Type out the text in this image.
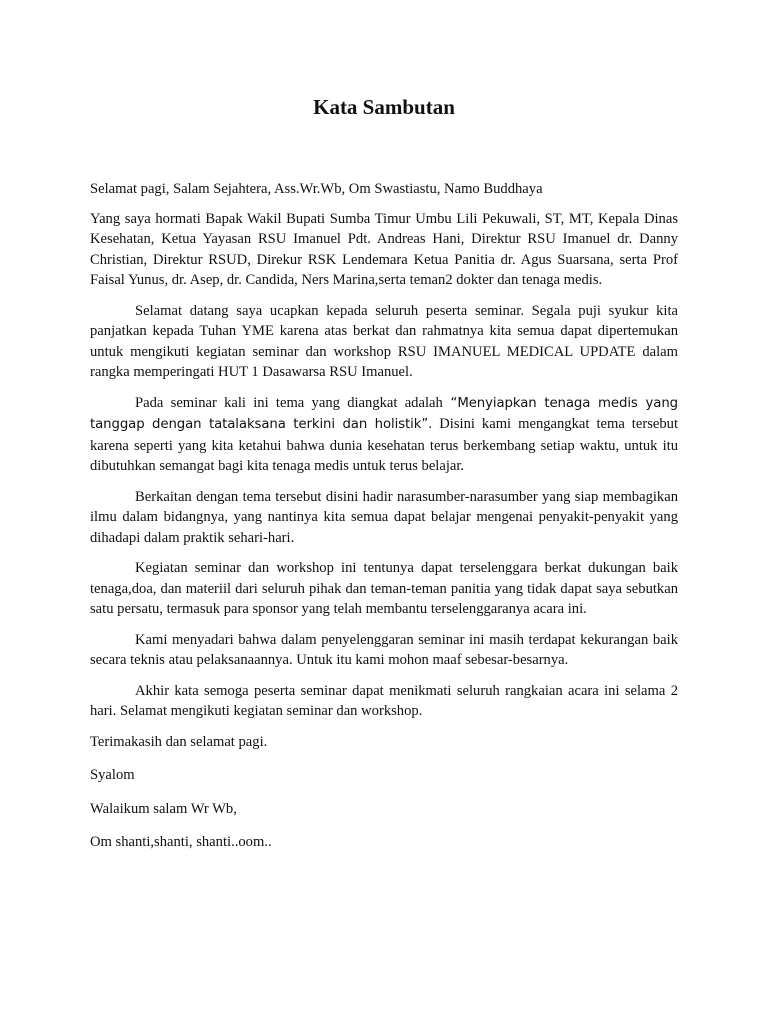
Kata Sambutan

Selamat pagi, Salam Sejahtera, Ass.Wr.Wb, Om Swastiastu, Namo Buddhaya

Yang saya hormati Bapak Wakil Bupati Sumba Timur Umbu Lili Pekuwali, ST, MT, Kepala Dinas Kesehatan, Ketua Yayasan RSU Imanuel Pdt. Andreas Hani, Direktur RSU Imanuel dr. Danny Christian, Direktur RSUD, Direkur RSK Lendemara Ketua Panitia dr. Agus Suarsana, serta Prof Faisal Yunus, dr. Asep, dr. Candida, Ners Marina,serta teman2 dokter dan tenaga medis.

Selamat datang saya ucapkan kepada seluruh peserta seminar. Segala puji syukur kita panjatkan kepada Tuhan YME karena atas berkat dan rahmatnya kita semua dapat dipertemukan untuk mengikuti kegiatan seminar dan workshop RSU IMANUEL MEDICAL UPDATE dalam rangka memperingati HUT 1 Dasawarsa RSU Imanuel.

Pada seminar kali ini tema yang diangkat adalah “Menyiapkan tenaga medis yang tanggap dengan tatalaksana terkini dan holistik”. Disini kami mengangkat tema tersebut karena seperti yang kita ketahui bahwa dunia kesehatan terus berkembang setiap waktu, untuk itu dibutuhkan semangat bagi kita tenaga medis untuk terus belajar.

Berkaitan dengan tema tersebut disini hadir narasumber-narasumber yang siap membagikan ilmu dalam bidangnya, yang nantinya kita semua dapat belajar mengenai penyakit-penyakit yang dihadapi dalam praktik sehari-hari.

Kegiatan seminar dan workshop ini tentunya dapat terselenggara berkat dukungan baik tenaga,doa, dan materiil dari seluruh pihak dan teman-teman panitia yang tidak dapat saya sebutkan satu persatu, termasuk para sponsor yang telah membantu terselenggaranya acara ini.

Kami menyadari bahwa dalam penyelenggaran seminar ini masih terdapat kekurangan baik secara teknis atau pelaksanaannya. Untuk itu kami mohon maaf sebesar-besarnya.

Akhir kata semoga peserta seminar dapat menikmati seluruh rangkaian acara ini selama 2 hari. Selamat mengikuti kegiatan seminar dan workshop.

Terimakasih dan selamat pagi.

Syalom

Walaikum salam Wr Wb,

Om shanti,shanti, shanti..oom..
